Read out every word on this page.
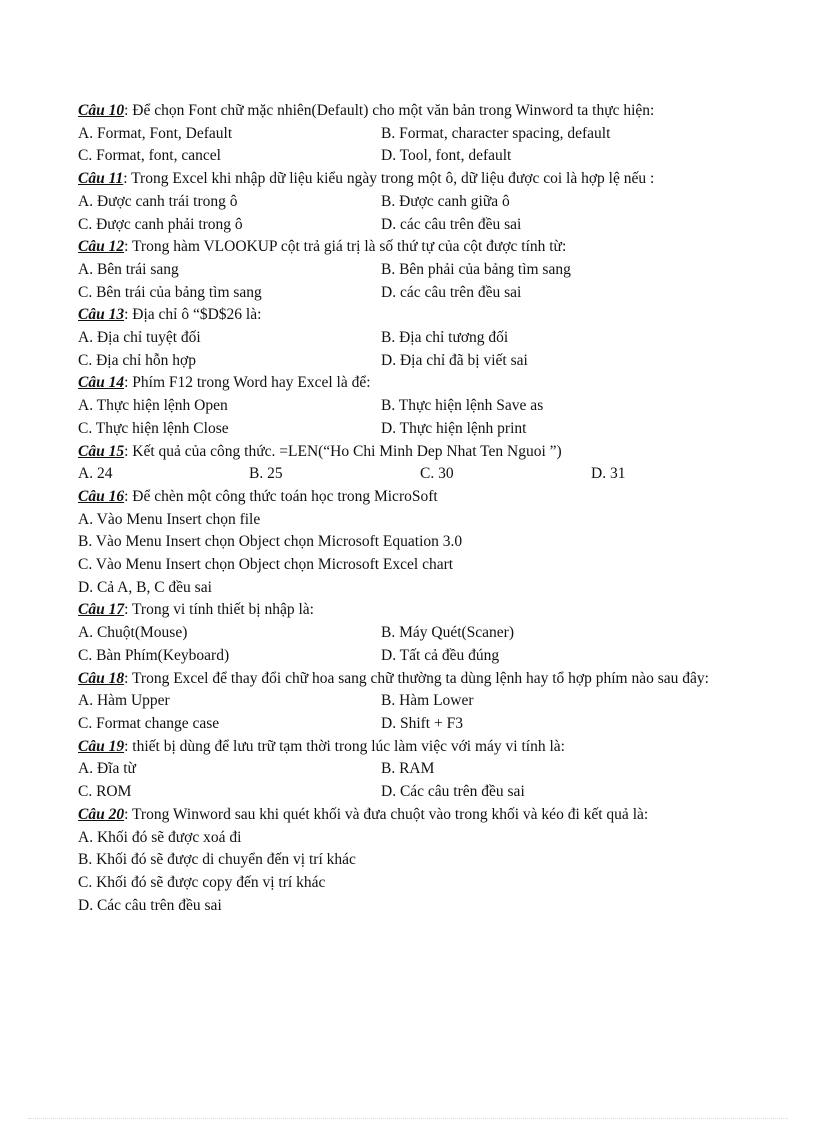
Câu 10: Để chọn Font chữ mặc nhiên(Default) cho một văn bản trong Winword ta thực hiện:
A. Format, Font, Default	B. Format, character spacing, default
C. Format, font, cancel	D. Tool, font, default
Câu 11: Trong Excel khi nhập dữ liệu kiểu ngày trong một ô, dữ liệu được coi là hợp lệ nếu :
A. Được canh trái trong ô	B. Được canh giữa ô
C. Được canh phải trong ô	D. các câu trên đều sai
Câu 12: Trong hàm VLOOKUP cột trả giá trị là số thứ tự của cột được tính từ:
A. Bên trái sang	B. Bên phải của bảng tìm sang
C. Bên trái của bảng tìm sang	D. các câu trên đều sai
Câu 13: Địa chỉ ô “$D$26 là:
A. Địa chỉ tuyệt đối	B. Địa chỉ tương đối
C. Địa chỉ hỗn hợp	D. Địa chỉ đã bị viết sai
Câu 14: Phím F12 trong Word hay Excel là để:
A. Thực hiện lệnh Open	B. Thực hiện lệnh Save as
C. Thực hiện lệnh Close	D. Thực hiện lệnh print
Câu 15: Kết quả của công thức. =LEN(“Ho Chi Minh Dep Nhat Ten Nguoi ”)
A. 24	B. 25	C. 30	D. 31
Câu 16: Để chèn một công thức toán học trong MicroSoft
A. Vào Menu Insert chọn file
B. Vào Menu Insert chọn Object chọn Microsoft Equation 3.0
C. Vào Menu Insert chọn Object chọn Microsoft Excel chart
D. Cả A, B, C đều sai
Câu 17: Trong vi tính thiết bị nhập là:
A. Chuột(Mouse)	B. Máy Quét(Scaner)
C. Bàn Phím(Keyboard)	D. Tất cả đều đúng
Câu 18: Trong Excel để thay đổi chữ hoa sang chữ thường ta dùng lệnh hay tổ hợp phím nào sau đây:
A. Hàm Upper	B. Hàm Lower
C. Format change case	D. Shift + F3
Câu 19: thiết bị dùng để lưu trữ tạm thời trong lúc làm việc với máy vi tính là:
A. Đĩa từ	B. RAM
C. ROM	D. Các câu trên đều sai
Câu 20: Trong Winword sau khi quét khối và đưa chuột vào trong khối và kéo đi kết quả là:
A. Khối đó sẽ được xoá đi
B. Khối đó sẽ được di chuyển đến vị trí khác
C. Khối đó sẽ được copy đến vị trí khác
D. Các câu trên đều sai
